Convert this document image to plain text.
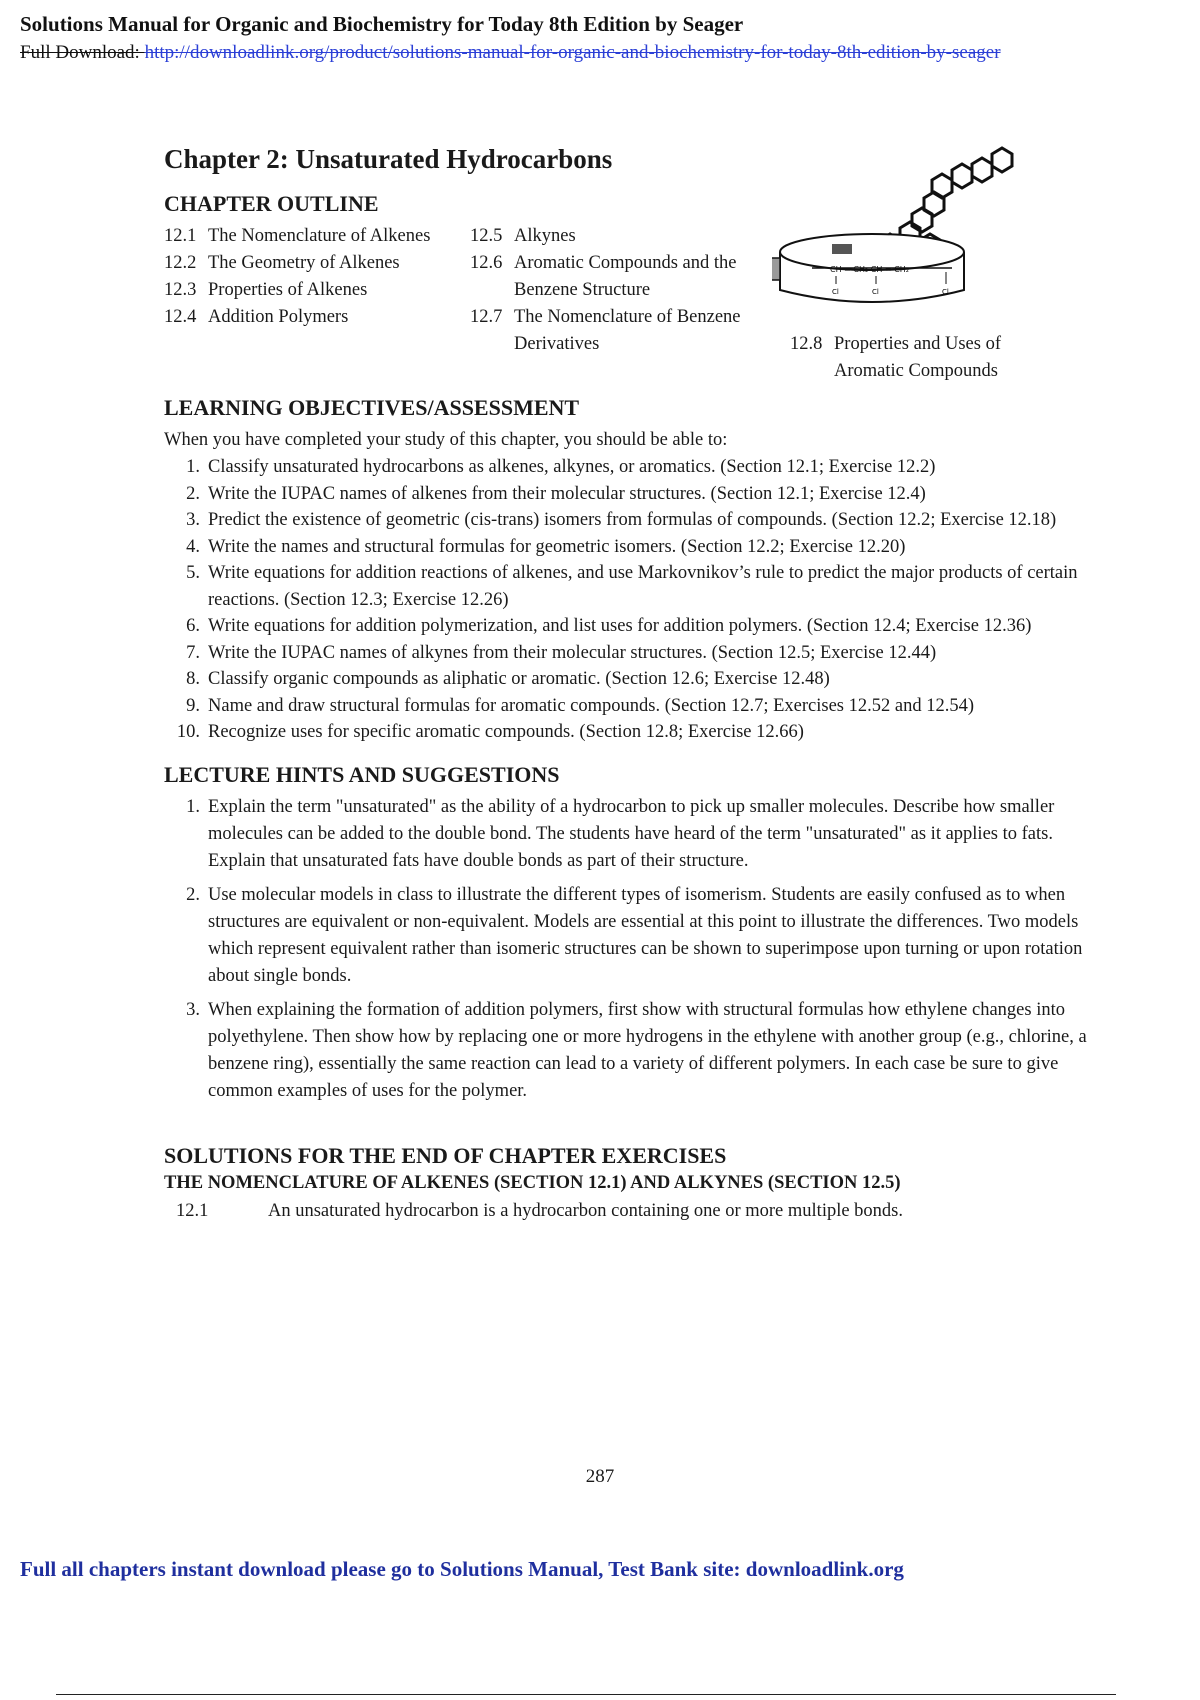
Solutions Manual for Organic and Biochemistry for Today 8th Edition by Seager
Full Download: http://downloadlink.org/product/solutions-manual-for-organic-and-biochemistry-for-today-8th-edition-by-seager
CH = CH₂ CH = CH₂
Cl	Cl	Cl
Chapter 2: Unsaturated Hydrocarbons
CHAPTER OUTLINE
12.1 The Nomenclature of Alkenes
12.2 The Geometry of Alkenes
12.3 Properties of Alkenes
12.4 Addition Polymers
12.5 Alkynes
12.6 Aromatic Compounds and the Benzene Structure
12.7 The Nomenclature of Benzene Derivatives	12.8 Properties and Uses of Aromatic Compounds
LEARNING OBJECTIVES/ASSESSMENT

When you have completed your study of this chapter, you should be able to:

1. Classify unsaturated hydrocarbons as alkenes, alkynes, or aromatics. (Section 12.1; Exercise 12.2)
2. Write the IUPAC names of alkenes from their molecular structures. (Section 12.1; Exercise 12.4)
3. Predict the existence of geometric (cis-trans) isomers from formulas of compounds. (Section 12.2; Exercise 12.18)
4. Write the names and structural formulas for geometric isomers. (Section 12.2; Exercise 12.20)
5. Write equations for addition reactions of alkenes, and use Markovnikov’s rule to predict the major products of certain reactions. (Section 12.3; Exercise 12.26)
6. Write equations for addition polymerization, and list uses for addition polymers. (Section 12.4; Exercise 12.36)
7. Write the IUPAC names of alkynes from their molecular structures. (Section 12.5; Exercise 12.44)
8. Classify organic compounds as aliphatic or aromatic. (Section 12.6; Exercise 12.48)
9. Name and draw structural formulas for aromatic compounds. (Section 12.7; Exercises 12.52 and 12.54)
10. Recognize uses for specific aromatic compounds. (Section 12.8; Exercise 12.66)
LECTURE HINTS AND SUGGESTIONS
1. Explain the term "unsaturated" as the ability of a hydrocarbon to pick up smaller molecules. Describe how smaller molecules can be added to the double bond. The students have heard of the term "unsaturated" as it applies to fats. Explain that unsaturated fats have double bonds as part of their structure.
2. Use molecular models in class to illustrate the different types of isomerism. Students are easily confused as to when structures are equivalent or non-equivalent. Models are essential at this point to illustrate the differences. Two models which represent equivalent rather than isomeric structures can be shown to superimpose upon turning or upon rotation about single bonds.
3. When explaining the formation of addition polymers, first show with structural formulas how ethylene changes into polyethylene. Then show how by replacing one or more hydrogens in the ethylene with another group (e.g., chlorine, a benzene ring), essentially the same reaction can lead to a variety of different polymers. In each case be sure to give common examples of uses for the polymer.
SOLUTIONS FOR THE END OF CHAPTER EXERCISES
THE NOMENCLATURE OF ALKENES (SECTION 12.1) AND ALKYNES (SECTION 12.5)
12.1	An unsaturated hydrocarbon is a hydrocarbon containing one or more multiple bonds.
287
Full all chapters instant download please go to Solutions Manual, Test Bank site: downloadlink.org
